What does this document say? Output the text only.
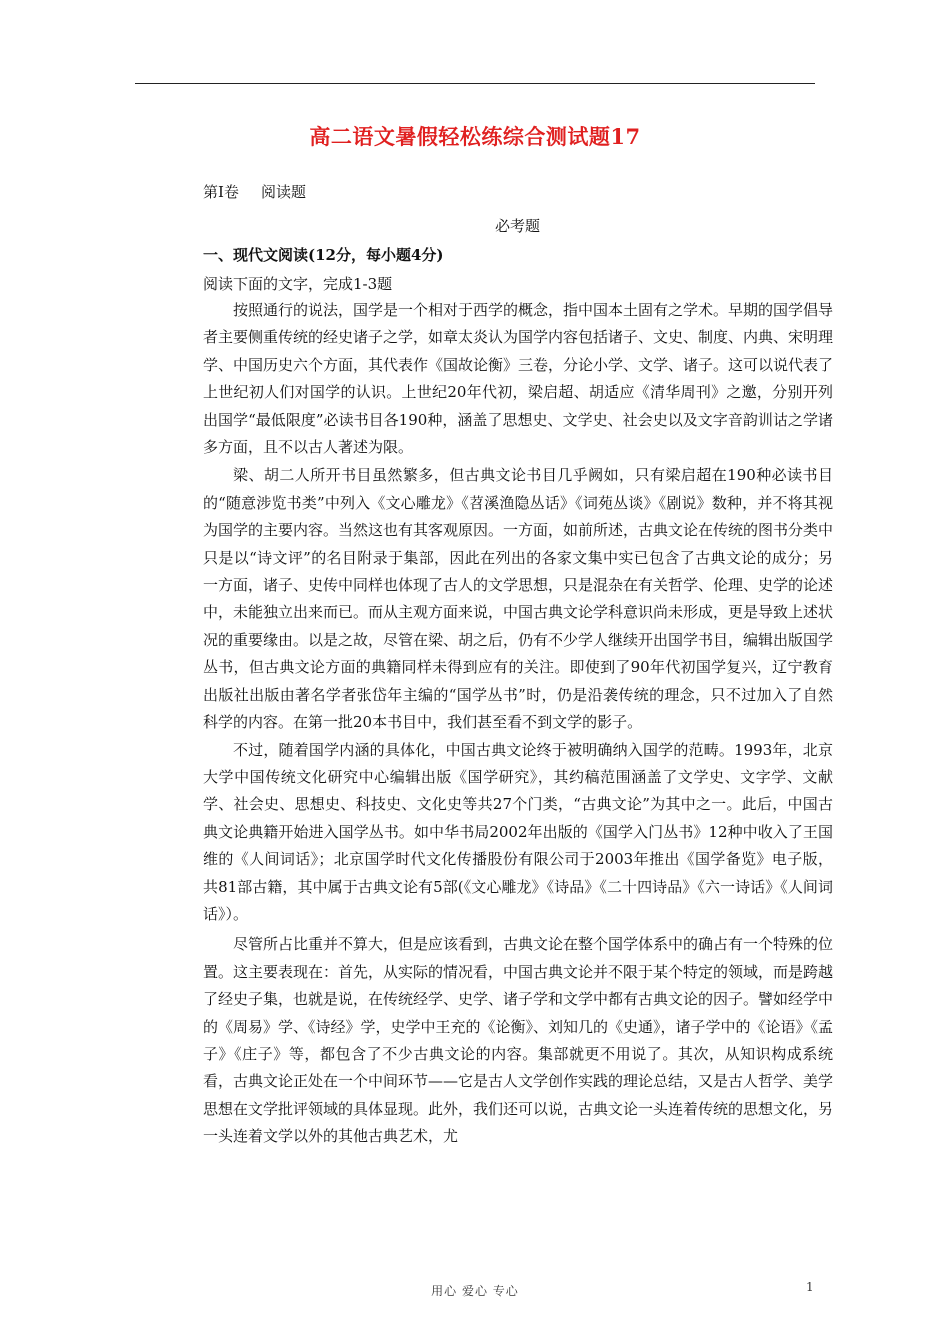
高二语文暑假轻松练综合测试题17
第Ⅰ卷 阅读题
必考题
一、现代文阅读(12分，每小题4分)
阅读下面的文字，完成1-3题

按照通行的说法，国学是一个相对于西学的概念，指中国本土固有之学术。早期的国学倡导者主要侧重传统的经史诸子之学，如章太炎认为国学内容包括诸子、文史、制度、内典、宋明理学、中国历史六个方面，其代表作《国故论衡》三卷，分论小学、文学、诸子。这可以说代表了上世纪初人们对国学的认识。上世纪20年代初，梁启超、胡适应《清华周刊》之邀，分别开列出国学“最低限度”必读书目各190种，涵盖了思想史、文学史、社会史以及文字音韵训诂之学诸多方面，且不以古人著述为限。

梁、胡二人所开书目虽然繁多，但古典文论书目几乎阙如，只有梁启超在190种必读书目的“随意涉览书类”中列入《文心雕龙》《苕溪渔隐丛话》《词苑丛谈》《剧说》数种，并不将其视为国学的主要内容。当然这也有其客观原因。一方面，如前所述，古典文论在传统的图书分类中只是以“诗文评”的名目附录于集部，因此在列出的各家文集中实已包含了古典文论的成分；另一方面，诸子、史传中同样也体现了古人的文学思想，只是混杂在有关哲学、伦理、史学的论述中，未能独立出来而已。而从主观方面来说，中国古典文论学科意识尚未形成，更是导致上述状况的重要缘由。以是之故，尽管在梁、胡之后，仍有不少学人继续开出国学书目，编辑出版国学丛书，但古典文论方面的典籍同样未得到应有的关注。即使到了90年代初国学复兴，辽宁教育出版社出版由著名学者张岱年主编的“国学丛书”时，仍是沿袭传统的理念，只不过加入了自然科学的内容。在第一批20本书目中，我们甚至看不到文学的影子。

不过，随着国学内涵的具体化，中国古典文论终于被明确纳入国学的范畴。1993年，北京大学中国传统文化研究中心编辑出版《国学研究》，其约稿范围涵盖了文学史、文字学、文献学、社会史、思想史、科技史、文化史等共27个门类，“古典文论”为其中之一。此后，中国古典文论典籍开始进入国学丛书。如中华书局2002年出版的《国学入门丛书》12种中收入了王国维的《人间词话》；北京国学时代文化传播股份有限公司于2003年推出《国学备览》电子版，共81部古籍，其中属于古典文论有5部(《文心雕龙》《诗品》《二十四诗品》《六一诗话》《人间词话》）。

尽管所占比重并不算大，但是应该看到，古典文论在整个国学体系中的确占有一个特殊的位置。这主要表现在：首先，从实际的情况看，中国古典文论并不限于某个特定的领域，而是跨越了经史子集，也就是说，在传统经学、史学、诸子学和文学中都有古典文论的因子。譬如经学中的《周易》学、《诗经》学，史学中王充的《论衡》、刘知几的《史通》，诸子学中的《论语》《孟子》《庄子》等，都包含了不少古典文论的内容。集部就更不用说了。其次，从知识构成系统看，古典文论正处在一个中间环节——它是古人文学创作实践的理论总结，又是古人哲学、美学思想在文学批评领域的具体显现。此外，我们还可以说，古典文论一头连着传统的思想文化，另一头连着文学以外的其他古典艺术，尤

用心 爱心 专心	1
